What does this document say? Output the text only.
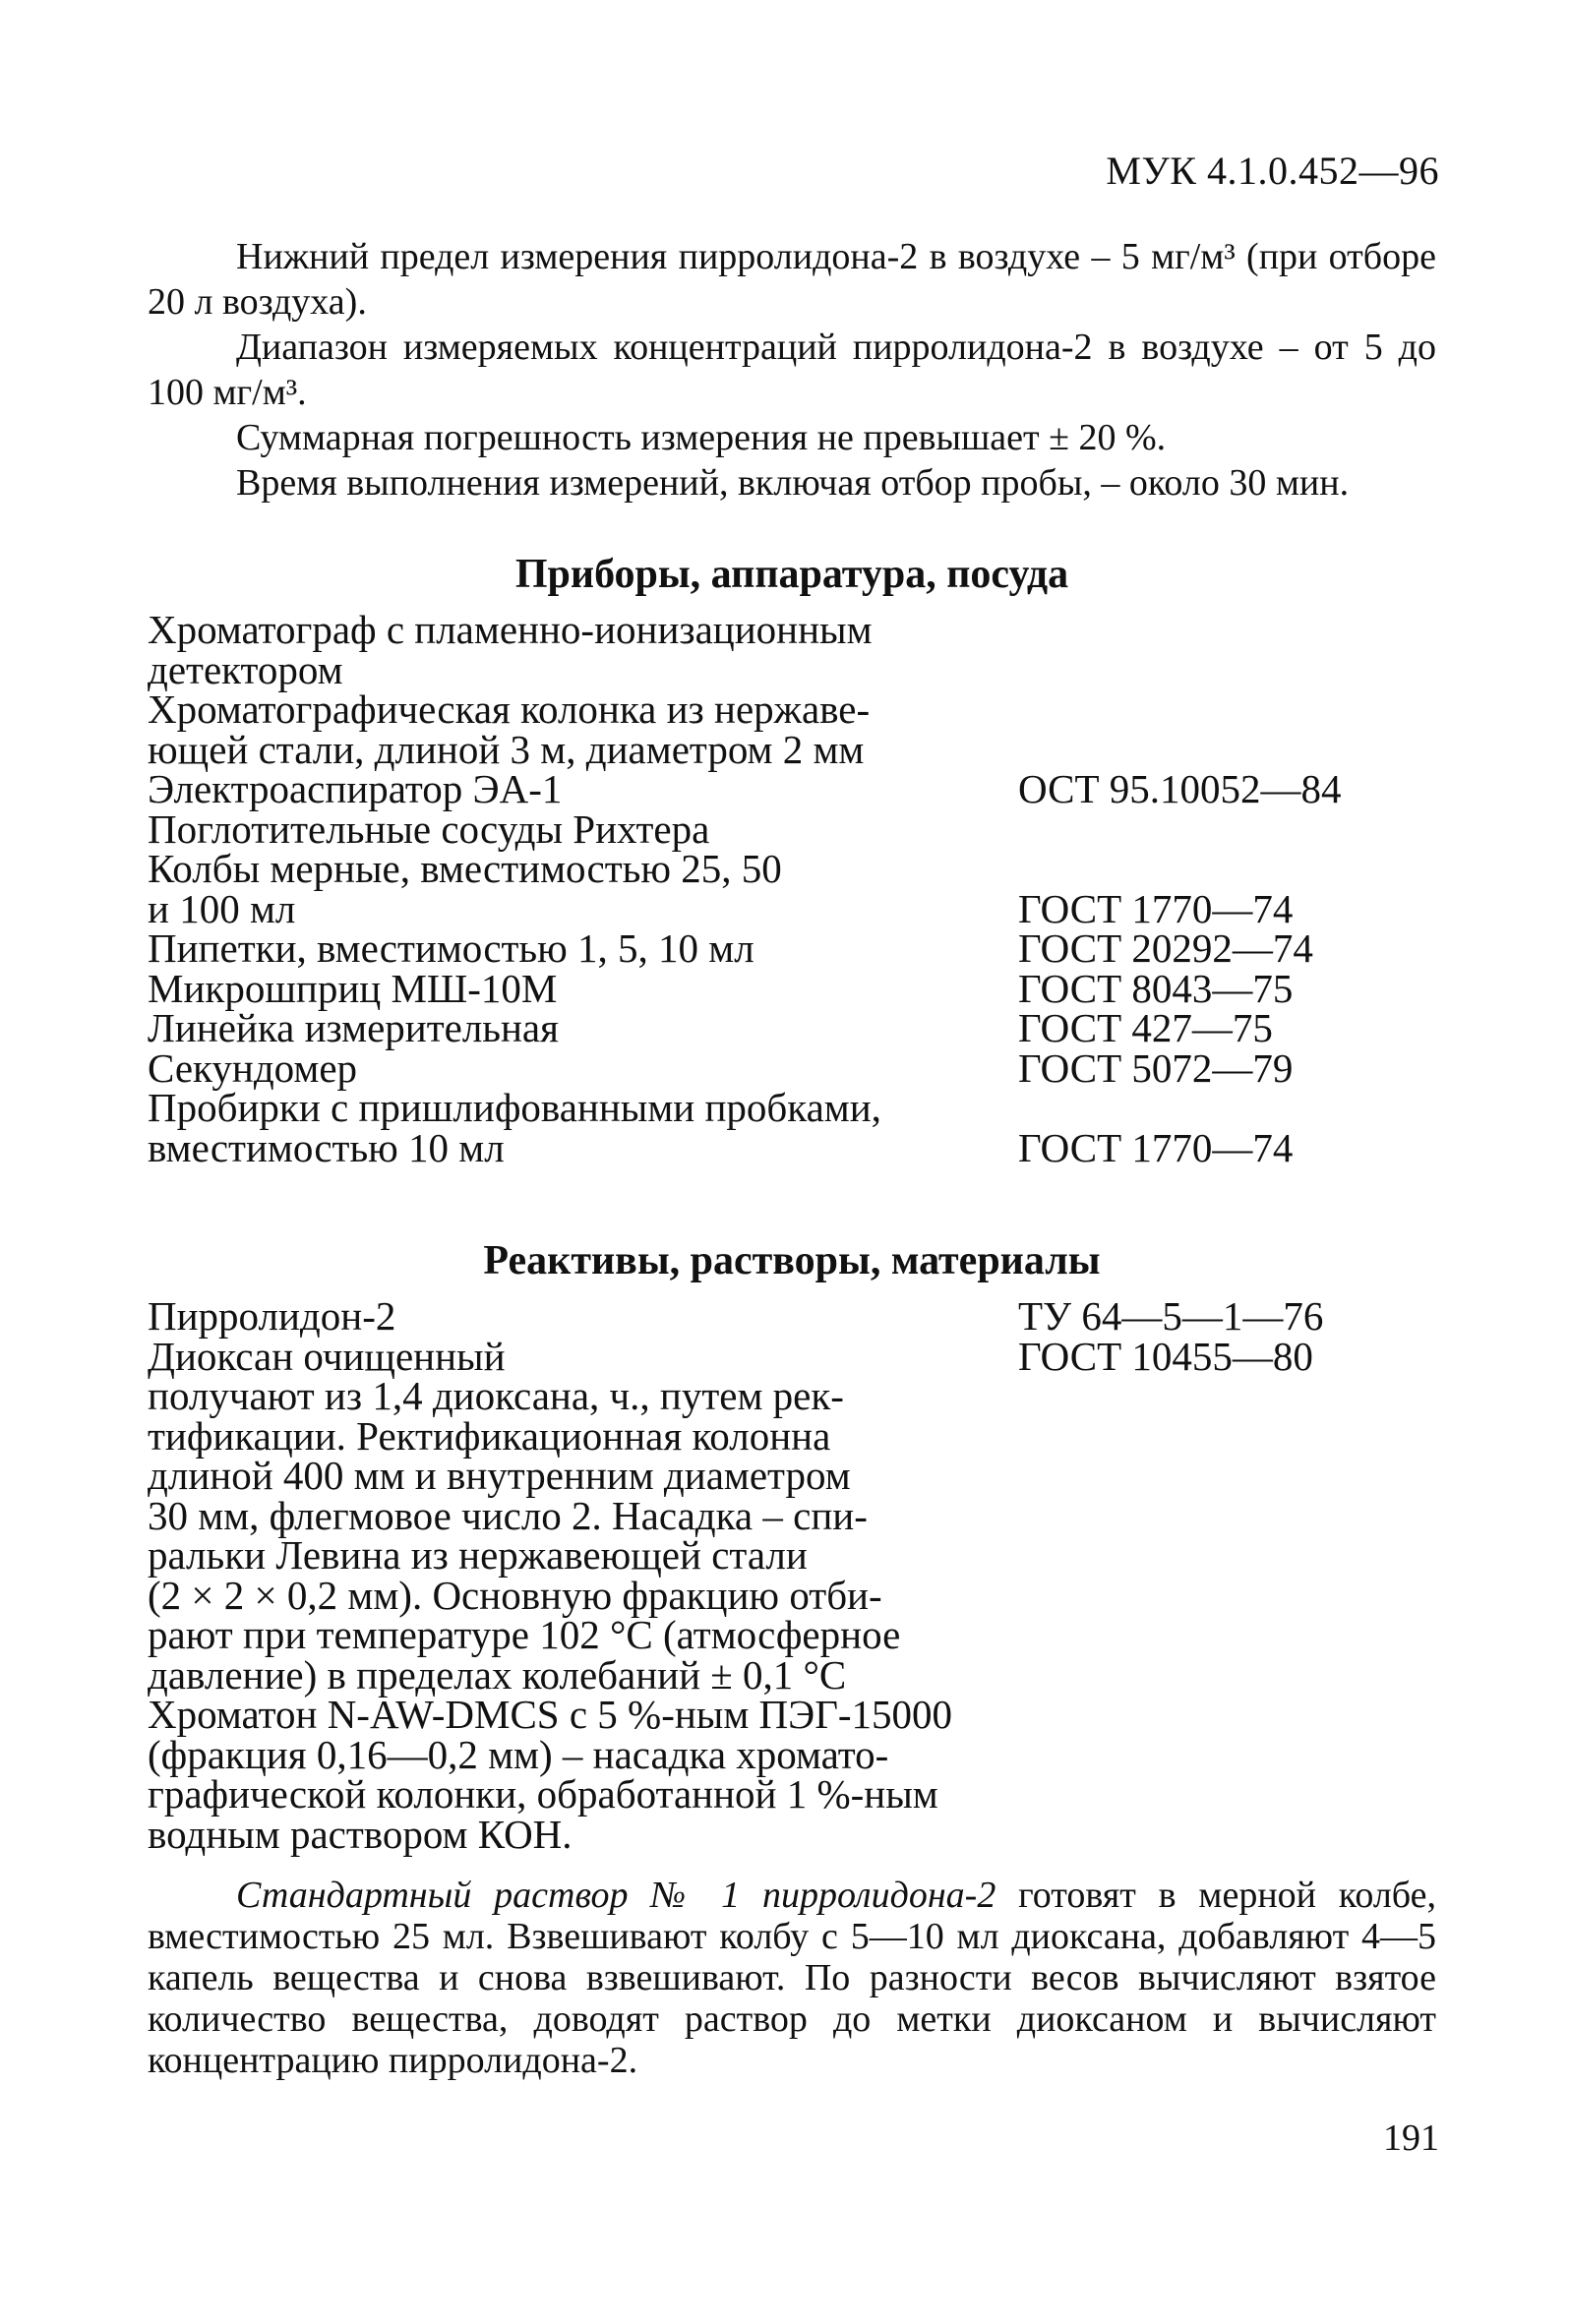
МУК 4.1.0.452—96

Нижний предел измерения пирролидона-2 в воздухе – 5 мг/м³ (при отборе 20 л воздуха).

Диапазон измеряемых концентраций пирролидона-2 в воздухе – от 5 до 100 мг/м³.

Суммарная погрешность измерения не превышает ± 20 %.

Время выполнения измерений, включая отбор пробы, – около 30 мин.

Приборы, аппаратура, посуда
Хроматограф с пламенно-ионизационным
детектором
Хроматографическая колонка из нержаве-
ющей стали, длиной 3 м, диаметром 2 мм
Электроаспиратор ЭА-1	ОСТ 95.10052—84
Поглотительные сосуды Рихтера
Колбы мерные, вместимостью 25, 50
и 100 мл	ГОСТ 1770—74
Пипетки, вместимостью 1, 5, 10 мл	ГОСТ 20292—74
Микрошприц МШ-10М	ГОСТ 8043—75
Линейка измерительная	ГОСТ 427—75
Секундомер	ГОСТ 5072—79
Пробирки с пришлифованными пробками,
вместимостью 10 мл	ГОСТ 1770—74
Реактивы, растворы, материалы
Пирролидон-2	ТУ 64—5—1—76
Диоксан очищенный	ГОСТ 10455—80
получают из 1,4 диоксана, ч., путем рек-
тификации. Ректификационная колонна
длиной 400 мм и внутренним диаметром
30 мм, флегмовое число 2. Насадка – спи-
ральки Левина из нержавеющей стали
(2 × 2 × 0,2 мм). Основную фракцию отби-
рают при температуре 102 °С (атмосферное
давление) в пределах колебаний ± 0,1 °С
Хроматон N-AW-DMCS с 5 %-ным ПЭГ-15000
(фракция 0,16—0,2 мм) – насадка хромато-
графической колонки, обработанной 1 %-ным
водным раствором КОН.

Стандартный раствор № 1 пирролидона-2 готовят в мерной колбе, вместимостью 25 мл. Взвешивают колбу с 5—10 мл диоксана, добавляют 4—5 капель вещества и снова взвешивают. По разности весов вычисляют взятое количество вещества, доводят раствор до метки диоксаном и вычисляют концентрацию пирролидона-2.

191
